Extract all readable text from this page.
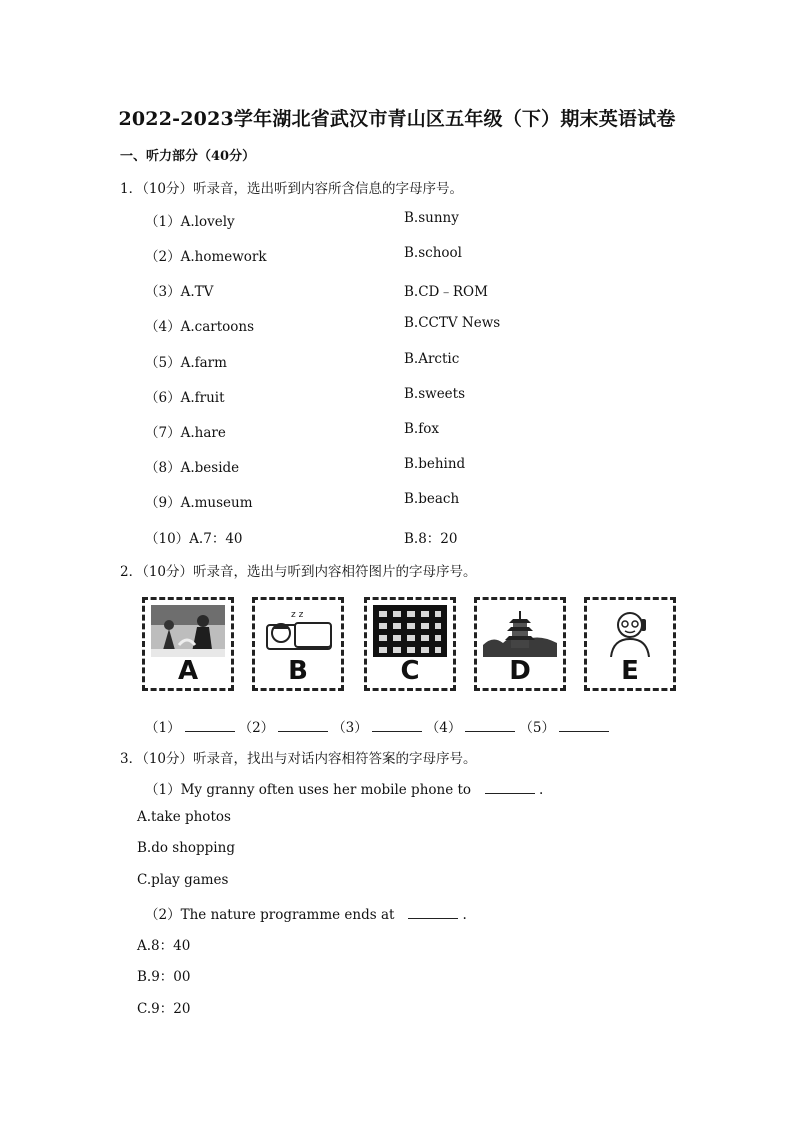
2022-2023学年湖北省武汉市青山区五年级（下）期末英语试卷
一、听力部分（40分）
1．（10分）听录音，选出听到内容所含信息的字母序号。
（1）A.lovely	B.sunny
（2）A.homework	B.school
（3）A.TV	B.CD﹣ROM
（4）A.cartoons	B.CCTV News
（5）A.farm	B.Arctic
（6）A.fruit	B.sweets
（7）A.hare	B.fox
（8）A.beside	B.behind
（9）A.museum	B.beach
（10）A.7：40	B.8：20
2．（10分）听录音，选出与听到内容相符图片的字母序号。
A
z z
B	C	D	E
（1）	（2）	（3）	（4）	（5）
3．（10分）听录音，找出与对话内容相符答案的字母序号。
（1）My granny often uses her mobile phone to	.
A.take photos
B.do shopping
C.play games
（2）The nature programme ends at	.
A.8：40
B.9：00
C.9：20
